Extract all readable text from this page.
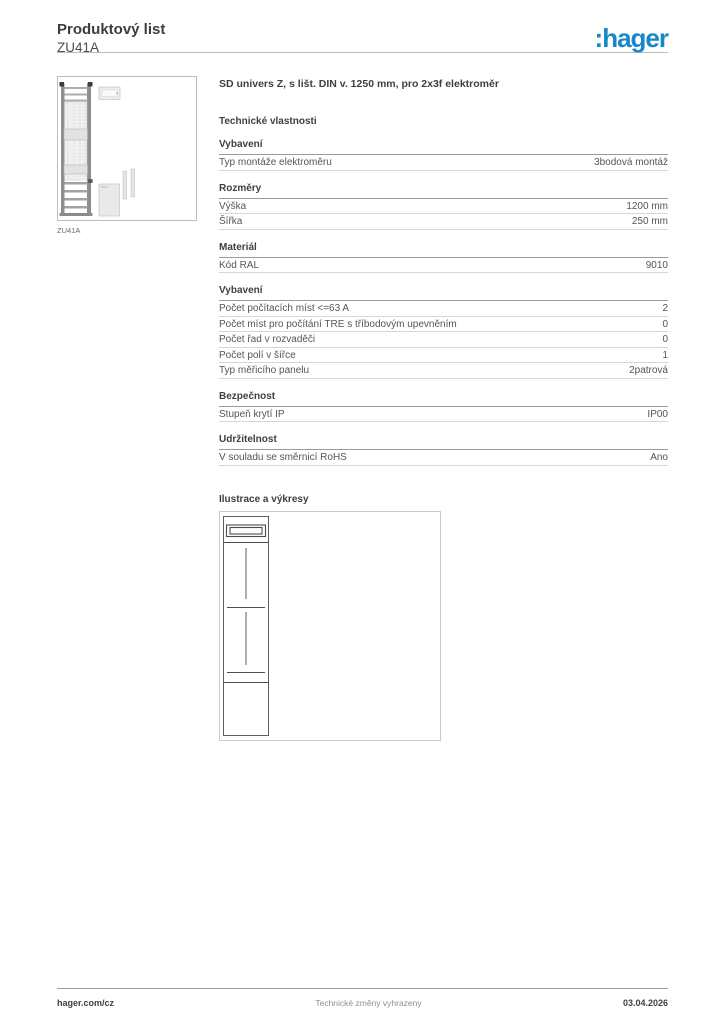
Produktový list
ZU41A	:hager
ZU41A
SD univers Z, s lišt. DIN v. 1250 mm, pro 2x3f elektroměr
Technické vlastnosti
Vybavení
Typ montáže elektroměru	3bodová montáž
Rozměry
Výška	1200 mm
Šířka	250 mm
Materiál
Kód RAL	9010
Vybavení
Počet počítacích míst <=63 A	2
Počet míst pro počítání TRE s tříbodovým upevněním	0
Počet řad v rozvaděči	0
Počet polí v šířce	1
Typ měřicího panelu	2patrová
Bezpečnost
Stupeň krytí IP	IP00
Udržitelnost
V souladu se směrnicí RoHS	Ano
Ilustrace a výkresy
hager.com/cz	Technické změny vyhrazeny	03.04.2026
